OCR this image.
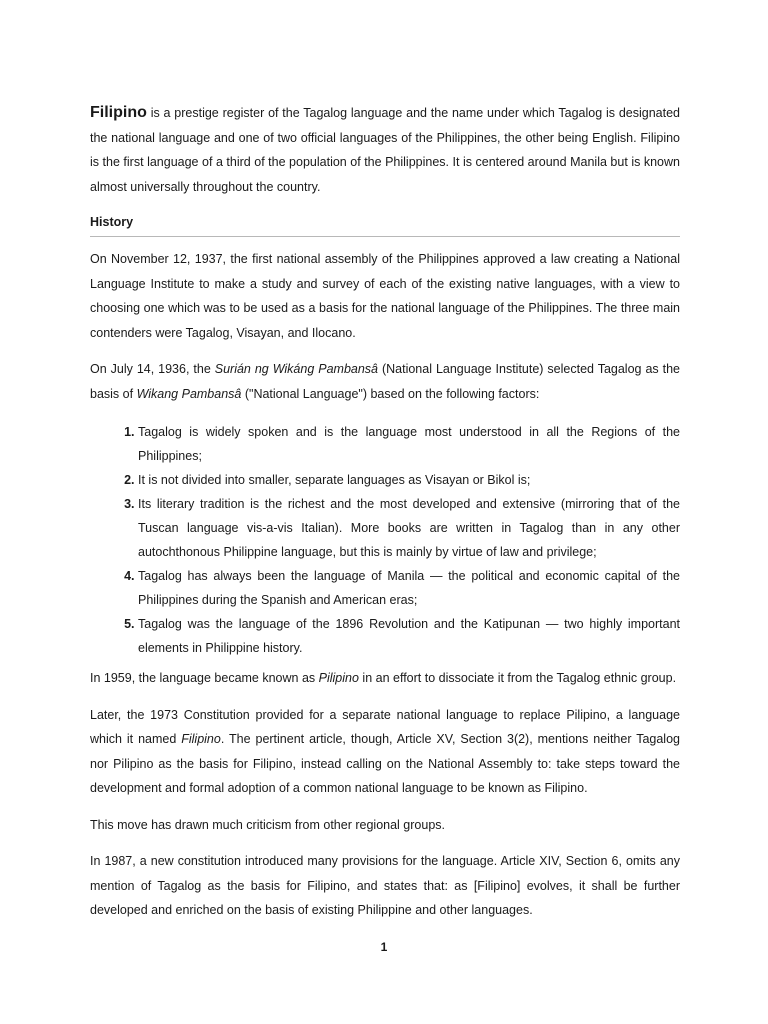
Filipino is a prestige register of the Tagalog language and the name under which Tagalog is designated the national language and one of two official languages of the Philippines, the other being English. Filipino is the first language of a third of the population of the Philippines. It is centered around Manila but is known almost universally throughout the country.

History

On November 12, 1937, the first national assembly of the Philippines approved a law creating a National Language Institute to make a study and survey of each of the existing native languages, with a view to choosing one which was to be used as a basis for the national language of the Philippines. The three main contenders were Tagalog, Visayan, and Ilocano.

On July 14, 1936, the Surián ng Wikáng Pambansâ (National Language Institute) selected Tagalog as the basis of Wikang Pambansâ ("National Language") based on the following factors:

1. Tagalog is widely spoken and is the language most understood in all the Regions of the Philippines;
2. It is not divided into smaller, separate languages as Visayan or Bikol is;
3. Its literary tradition is the richest and the most developed and extensive (mirroring that of the Tuscan language vis-a-vis Italian). More books are written in Tagalog than in any other autochthonous Philippine language, but this is mainly by virtue of law and privilege;
4. Tagalog has always been the language of Manila — the political and economic capital of the Philippines during the Spanish and American eras;
5. Tagalog was the language of the 1896 Revolution and the Katipunan — two highly important elements in Philippine history.

In 1959, the language became known as Pilipino in an effort to dissociate it from the Tagalog ethnic group.

Later, the 1973 Constitution provided for a separate national language to replace Pilipino, a language which it named Filipino. The pertinent article, though, Article XV, Section 3(2), mentions neither Tagalog nor Pilipino as the basis for Filipino, instead calling on the National Assembly to: take steps toward the development and formal adoption of a common national language to be known as Filipino.

This move has drawn much criticism from other regional groups.

In 1987, a new constitution introduced many provisions for the language. Article XIV, Section 6, omits any mention of Tagalog as the basis for Filipino, and states that: as [Filipino] evolves, it shall be further developed and enriched on the basis of existing Philippine and other languages.

1
